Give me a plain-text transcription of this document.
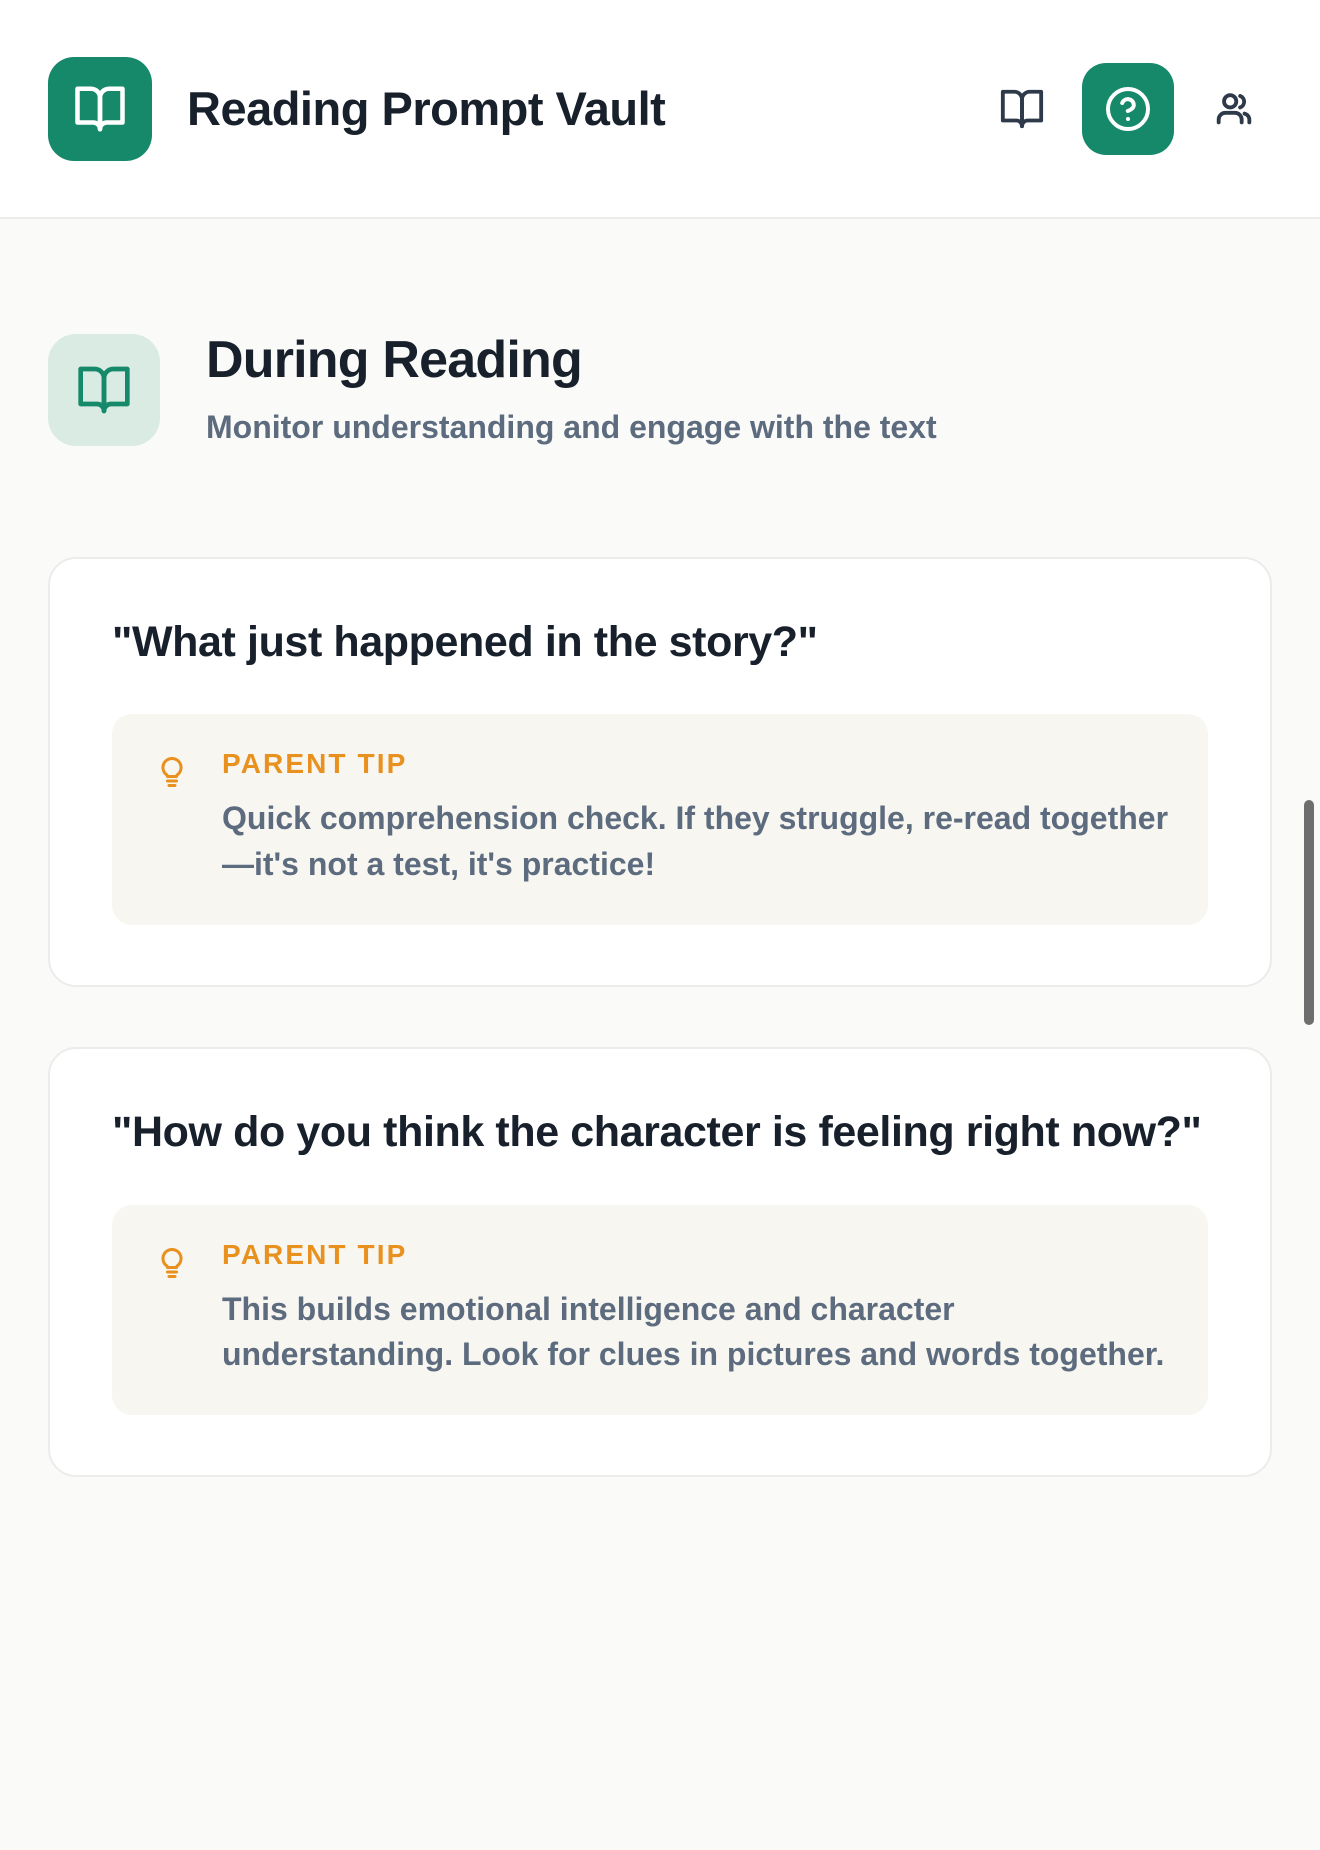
Reading Prompt Vault
During Reading
Monitor understanding and engage with the text
"What just happened in the story?"
PARENT TIP
Quick comprehension check. If they struggle, re-read together—it's not a test, it's practice!
"How do you think the character is feeling right now?"
PARENT TIP
This builds emotional intelligence and character understanding. Look for clues in pictures and words together.
